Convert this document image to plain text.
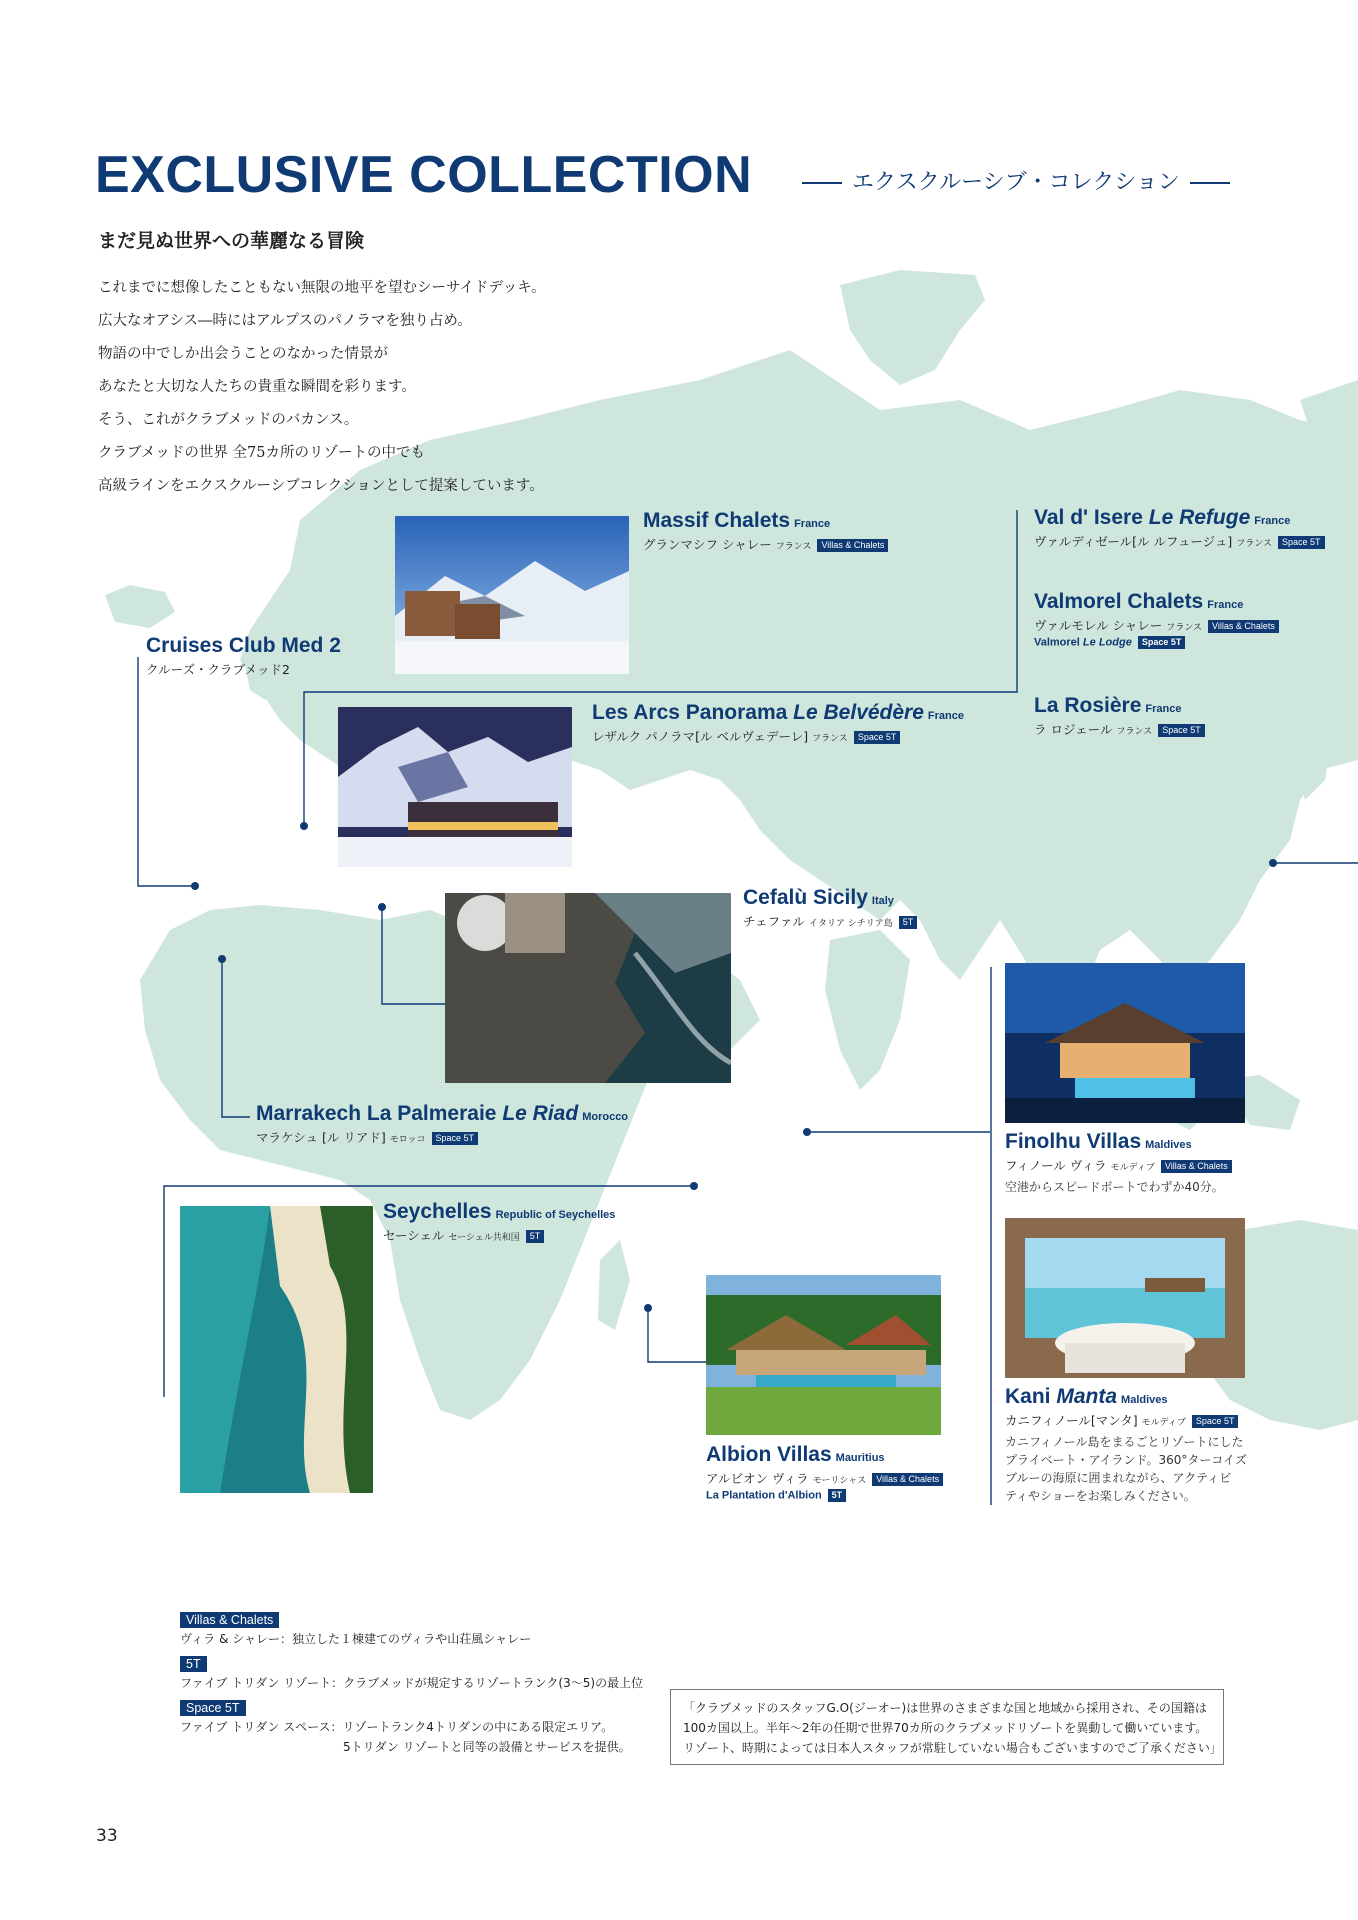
EXCLUSIVE COLLECTION	エクスクルーシブ・コレクション
まだ見ぬ世界への華麗なる冒険
これまでに想像したこともない無限の地平を望むシーサイドデッキ。
広大なオアシス―時にはアルプスのパノラマを独り占め。
物語の中でしか出会うことのなかった情景が
あなたと大切な人たちの貴重な瞬間を彩ります。
そう、これがクラブメッドのバカンス。
クラブメッドの世界 全75カ所のリゾートの中でも
高級ラインをエクスクルーシブコレクションとして提案しています。
Massif Chalets France
グランマシフ シャレー フランス Villas & Chalets
Val d' Isere Le Refuge France
ヴァルディゼール[ル ルフュージュ] フランス Space 5T
Valmorel Chalets France
ヴァルモレル シャレー フランス Villas & Chalets
Valmorel Le Lodge Space 5T
Cruises Club Med 2
クルーズ・クラブメッド2
Les Arcs Panorama Le Belvédère France
レザルク パノラマ[ル ベルヴェデーレ] フランス Space 5T
La Rosière France
ラ ロジェール フランス Space 5T
Cefalù Sicily Italy
チェファル イタリア シチリア島 5T
Marrakech La Palmeraie Le Riad Morocco
マラケシュ [ル リアド] モロッコ Space 5T	Finolhu Villas Maldives
フィノール ヴィラ モルディブ Villas & Chalets
空港からスピードボートでわずか40分。
Seychelles Republic of Seychelles
セーシェル セーシェル共和国 5T
Albion Villas Mauritius
アルビオン ヴィラ モーリシャス Villas & Chalets
La Plantation d'Albion 5T
Kani Manta Maldives
カニフィノール[マンタ] モルディブ Space 5T
カニフィノール島をまるごとリゾートにした
プライベート・アイランド。360°ターコイズ
ブルーの海原に囲まれながら、アクティビ
ティやショーをお楽しみください。
Villas & Chalets
ヴィラ & シャレー：独立した１棟建てのヴィラや山荘風シャレー
5T
ファイブ トリダン リゾート：クラブメッドが規定するリゾートランク(3〜5)の最上位
Space 5T
ファイブ トリダン スペース：リゾートランク4トリダンの中にある限定エリア。
5トリダン リゾートと同等の設備とサービスを提供。
「クラブメッドのスタッフG.O(ジーオー)は世界のさまざまな国と地域から採用され、その国籍は
100カ国以上。半年〜2年の任期で世界70カ所のクラブメッドリゾートを異動して働いています。
リゾート、時期によっては日本人スタッフが常駐していない場合もございますのでご了承ください」
33
